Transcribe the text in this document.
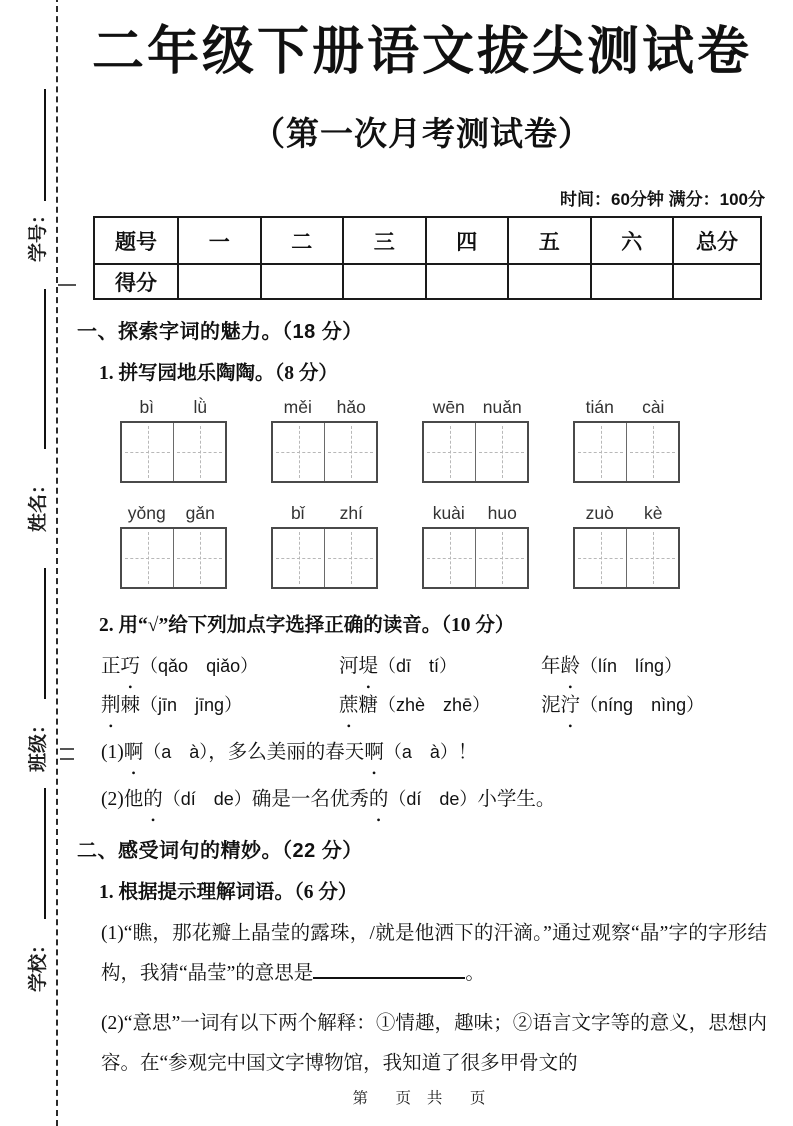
学号：
姓名：
班级：
学校：
二年级下册语文拔尖测试卷
（第一次月考测试卷）
时间：60分钟 满分：100分
题号	一	二	三	四	五	六	总分
得分							
一、探索字词的魅力。（18 分）
1. 拼写园地乐陶陶。（8 分）
bì	lǜ	měi	hǎo	wēn	nuǎn	tián	cài
yǒng	gǎn	bǐ	zhí	kuài	huo	zuò	kè
2. 用“√”给下列加点字选择正确的读音。（10 分）
正巧（qǎo　qiǎo）	河堤（dī　tí）	年龄（lín　líng）
荆棘（jīn　jīng）	蔗糖（zhè　zhē）	泥泞（níng　nìng）
(1)啊（a　à），多么美丽的春天啊（a　à）！
(2)他的（dí　de）确是一名优秀的（dí　de）小学生。
二、感受词句的精妙。（22 分）
1. 根据提示理解词语。（6 分）
(1)“瞧，那花瓣上晶莹的露珠，/就是他洒下的汗滴。”通过观察“晶”字的字形结构，我猜“晶莹”的意思是	。
(2)“意思”一词有以下两个解释：①情趣，趣味；②语言文字等的意义，思想内容。在“参观完中国文字博物馆，我知道了很多甲骨文的
第　页 共　页
